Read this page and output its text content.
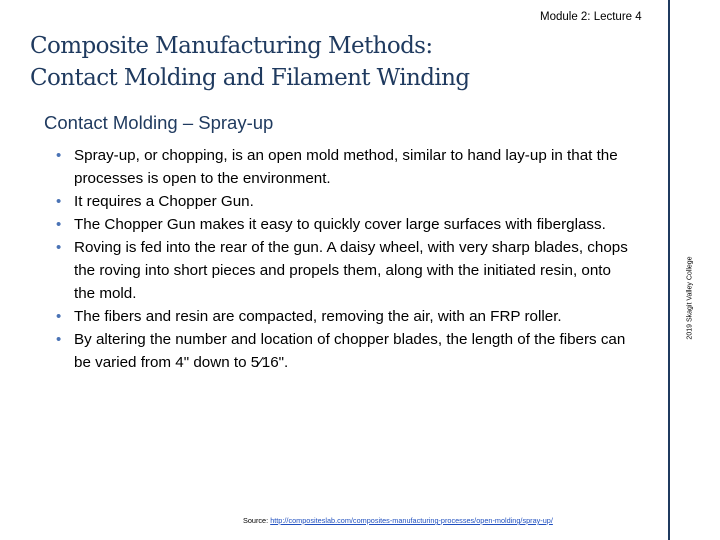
Module 2: Lecture 4
Composite Manufacturing Methods:
Contact Molding and Filament Winding
2019 Skagit Valley College
Contact Molding – Spray-up
• Spray-up, or chopping, is an open mold method, similar to hand lay-up in that the processes is open to the environment.
• It requires a Chopper Gun.
• The Chopper Gun makes it easy to quickly cover large surfaces with fiberglass.
• Roving is fed into the rear of the gun. A daisy wheel, with very sharp blades, chops the roving into short pieces and propels them, along with the initiated resin, onto the mold.
• The fibers and resin are compacted, removing the air, with an FRP roller.
• By altering the number and location of chopper blades, the length of the fibers can be varied from 4" down to 5⁄16".
Source: http://compositeslab.com/composites-manufacturing-processes/open-molding/spray-up/
